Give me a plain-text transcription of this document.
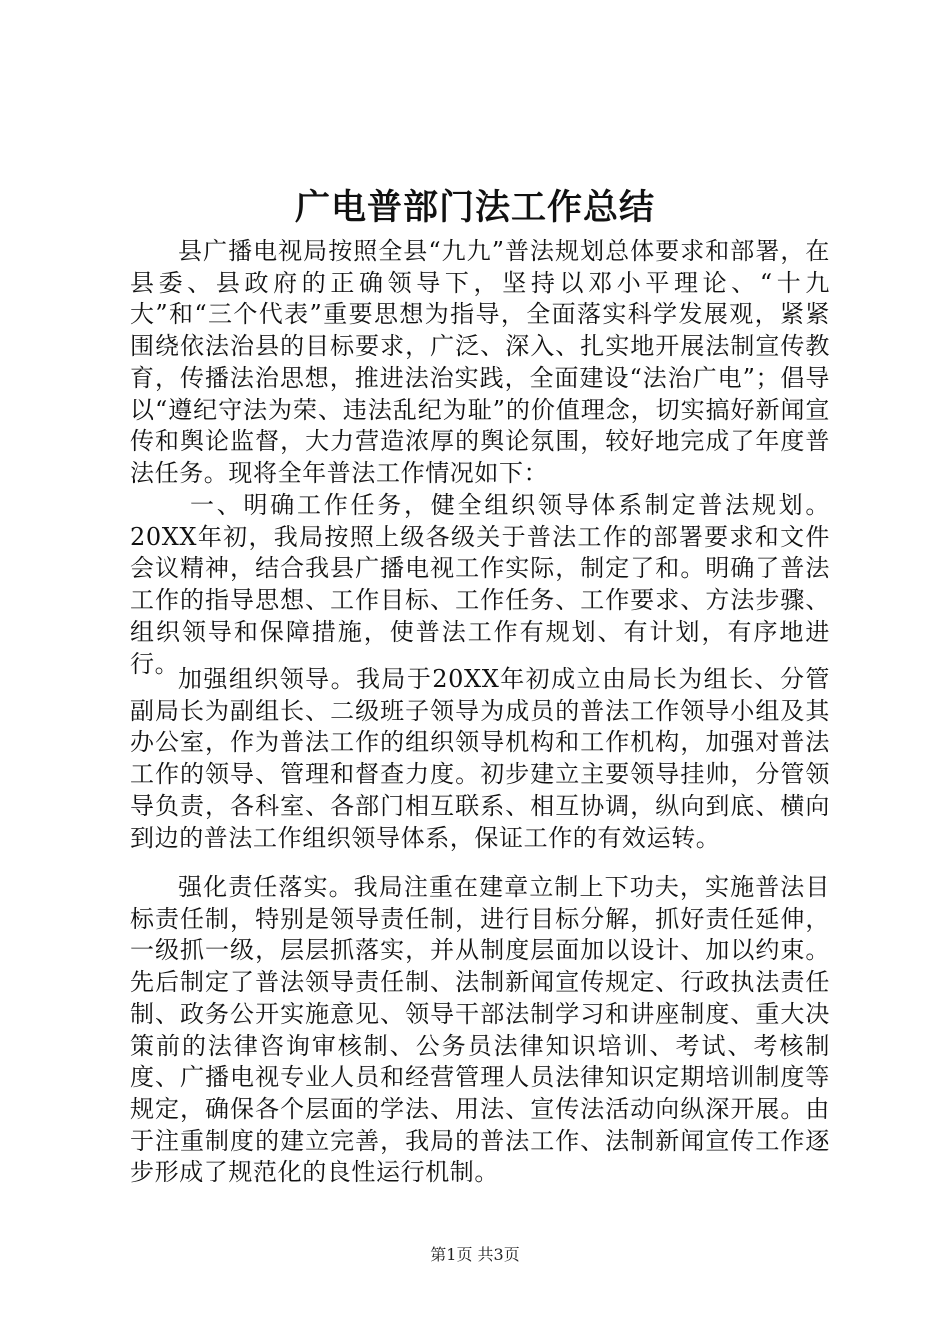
广电普部门法工作总结

县广播电视局按照全县“九九”普法规划总体要求和部署，在县委、县政府的正确领导下，坚持以邓小平理论、“十九大”和“三个代表”重要思想为指导，全面落实科学发展观，紧紧围绕依法治县的目标要求，广泛、深入、扎实地开展法制宣传教育，传播法治思想，推进法治实践，全面建设“法治广电”；倡导以“遵纪守法为荣、违法乱纪为耻”的价值理念，切实搞好新闻宣传和舆论监督，大力营造浓厚的舆论氛围，较好地完成了年度普法任务。现将全年普法工作情况如下：

一、明确工作任务，健全组织领导体系制定普法规划。20XX年初，我局按照上级各级关于普法工作的部署要求和文件会议精神，结合我县广播电视工作实际，制定了和。明确了普法工作的指导思想、工作目标、工作任务、工作要求、方法步骤、组织领导和保障措施，使普法工作有规划、有计划，有序地进行。

加强组织领导。我局于20XX年初成立由局长为组长、分管副局长为副组长、二级班子领导为成员的普法工作领导小组及其办公室，作为普法工作的组织领导机构和工作机构，加强对普法工作的领导、管理和督查力度。初步建立主要领导挂帅，分管领导负责，各科室、各部门相互联系、相互协调，纵向到底、横向到边的普法工作组织领导体系，保证工作的有效运转。

强化责任落实。我局注重在建章立制上下功夫，实施普法目标责任制，特别是领导责任制，进行目标分解，抓好责任延伸，一级抓一级，层层抓落实，并从制度层面加以设计、加以约束。先后制定了普法领导责任制、法制新闻宣传规定、行政执法责任制、政务公开实施意见、领导干部法制学习和讲座制度、重大决策前的法律咨询审核制、公务员法律知识培训、考试、考核制度、广播电视专业人员和经营管理人员法律知识定期培训制度等规定，确保各个层面的学法、用法、宣传法活动向纵深开展。由于注重制度的建立完善，我局的普法工作、法制新闻宣传工作逐步形成了规范化的良性运行机制。

第1页 共3页
